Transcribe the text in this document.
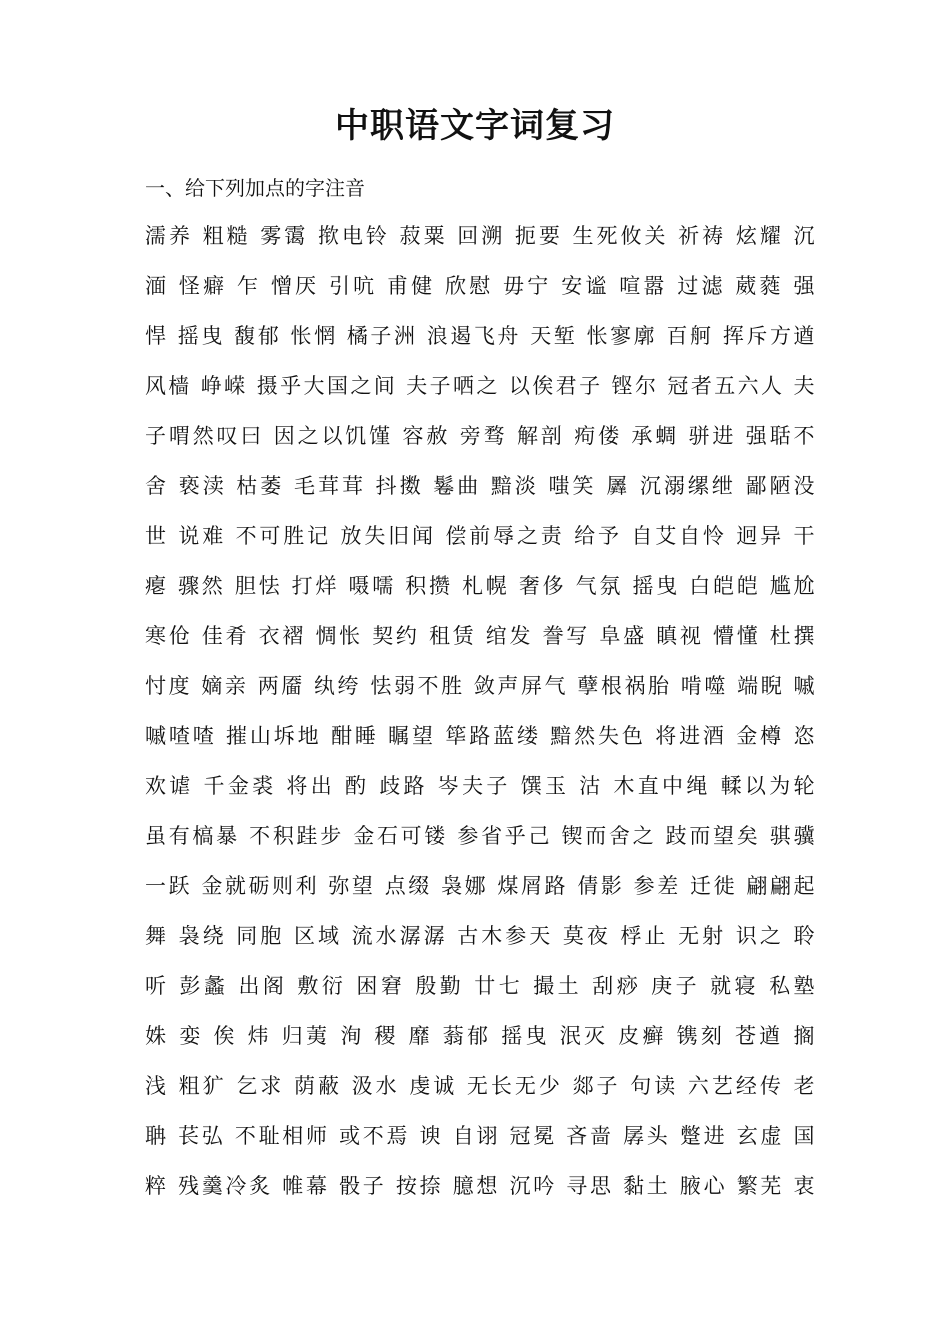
中职语文字词复习
一、给下列加点的字注音
濡养 粗糙 雾霭 揿电铃 菽粟 回溯 扼要 生死攸关 祈祷 炫耀 沉
湎 怪癖 乍 憎厌 引吭 甫健 欣慰 毋宁 安谧 喧嚣 过滤 葳蕤 强
悍 摇曳 馥郁 怅惘 橘子洲 浪遏飞舟 天堑 怅寥廓 百舸 挥斥方遒
风樯 峥嵘 摄乎大国之间 夫子哂之 以俟君子 铿尔 冠者五六人 夫
子喟然叹曰 因之以饥馑 容赦 旁骛 解剖 痀偻 承蜩 骈进 强聒不
舍 亵渎 枯萎 毛茸茸 抖擞 鬈曲 黯淡 嗤笑 羼 沉溺缧绁 鄙陋没
世 说难 不可胜记 放失旧闻 偿前辱之责 给予 自艾自怜 迥异 干
瘪 骤然 胆怯 打烊 嗫嚅 积攒 札幌 奢侈 气氛 摇曳 白皑皑 尴尬
寒伧 佳肴 衣褶 惆怅 契约 租赁 绾发 誊写 阜盛 瞋视 懵懂 杜撰
忖度 嫡亲 两靥 纨绔 怯弱不胜 敛声屏气 孽根祸胎 啃噬 端睨 嘁
嘁喳喳 摧山坼地 酣睡 瞩望 筚路蓝缕 黯然失色 将进酒 金樽 恣
欢谑 千金裘 将出 酌 歧路 岑夫子 馔玉 沽 木直中绳 輮以为轮
虽有槁暴 不积跬步 金石可镂 参省乎己 锲而舍之 跂而望矣 骐骥
一跃 金就砺则利 弥望 点缀 袅娜 煤屑路 倩影 参差 迁徙 翩翩起
舞 袅绕 同胞 区域 流水潺潺 古木参天 莫夜 桴止 无射 识之 聆
听 彭蠡 出阁 敷衍 困窘 殷勤 廿七 撮土 刮痧 庚子 就寝 私塾
姝 娈 俟 炜 归荑 洵 稷 靡 蓊郁 摇曳 泯灭 皮癣 镌刻 苍遒 搁
浅 粗犷 乞求 荫蔽 汲水 虔诚 无长无少 郯子 句读 六艺经传 老
聃 苌弘 不耻相师 或不焉 谀 自诩 冠冕 吝啬 孱头 蹩进 玄虚 国
粹 残羹冷炙 帷幕 骰子 按捺 臆想 沉吟 寻思 黏土 腋心 繁芜 衷
